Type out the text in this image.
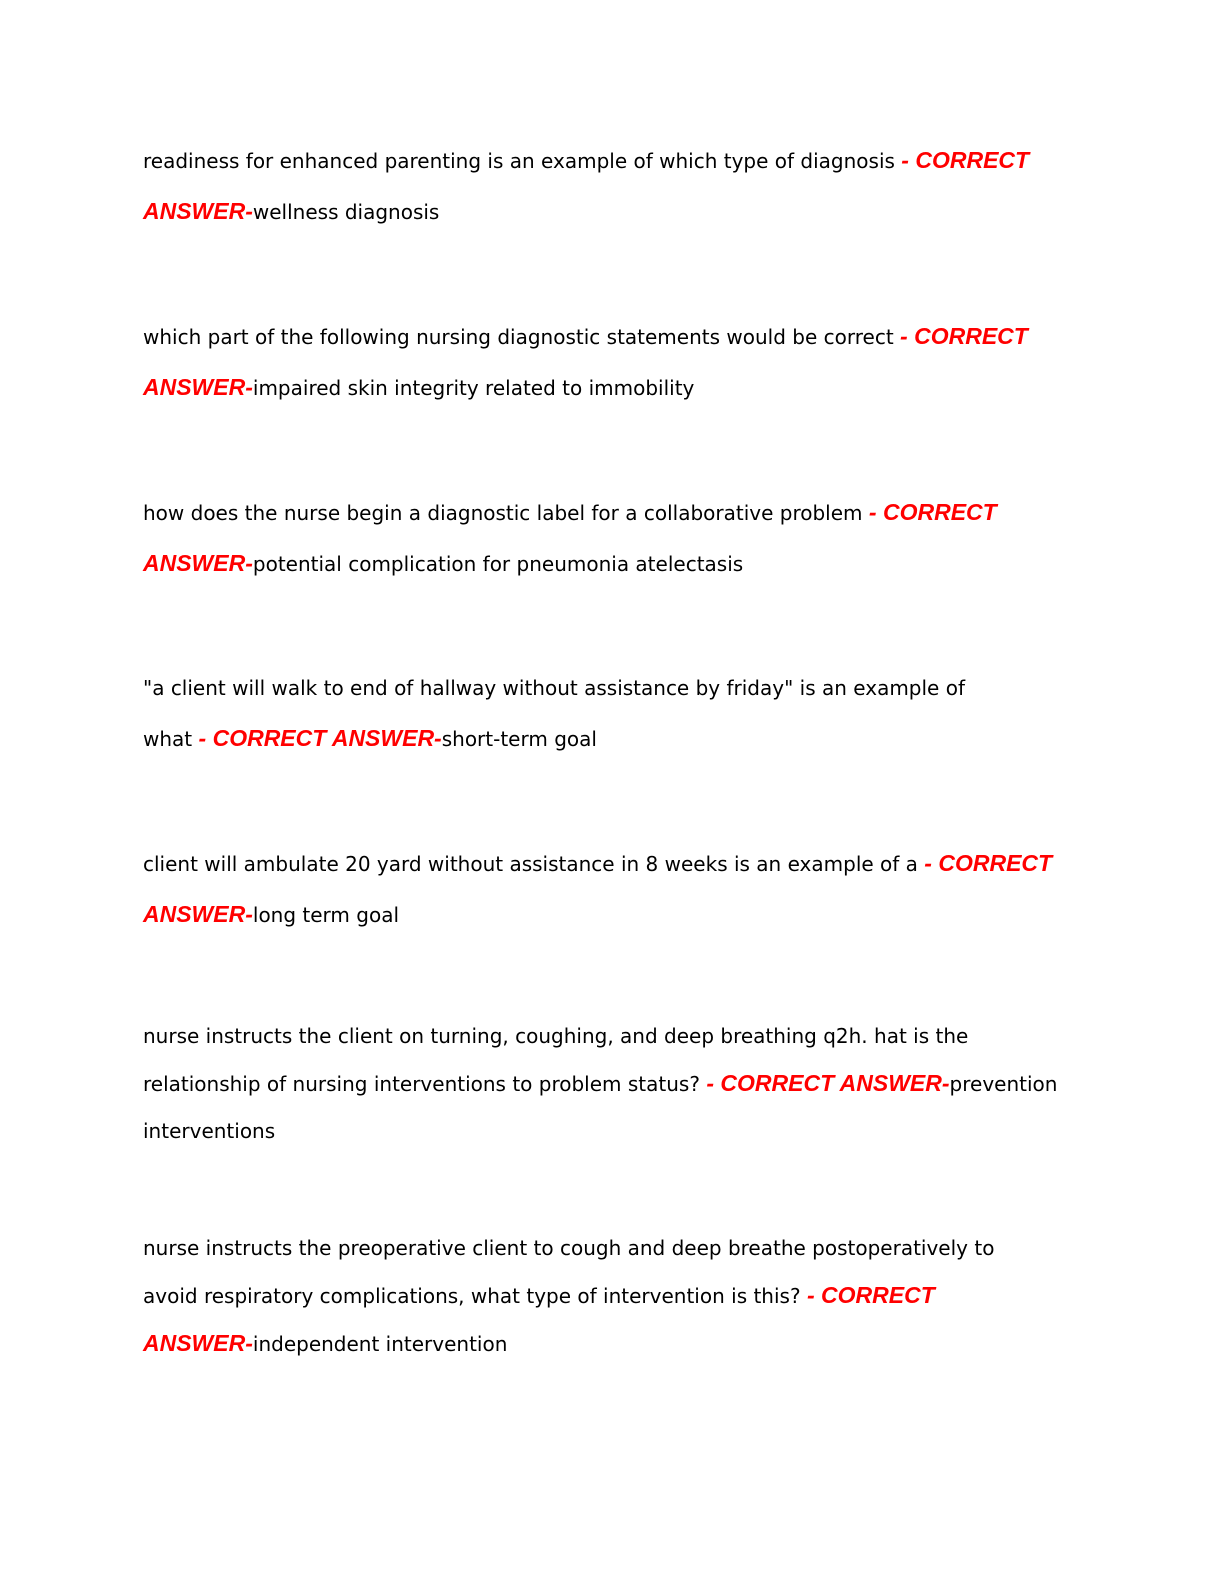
readiness for enhanced parenting is an example of which type of diagnosis - CORRECT ANSWER-wellness diagnosis

which part of the following nursing diagnostic statements would be correct - CORRECT ANSWER-impaired skin integrity related to immobility

how does the nurse begin a diagnostic label for a collaborative problem - CORRECT ANSWER-potential complication for pneumonia atelectasis

"a client will walk to end of hallway without assistance by friday" is an example of what - CORRECT ANSWER-short-term goal

client will ambulate 20 yard without assistance in 8 weeks is an example of a - CORRECT ANSWER-long term goal

nurse instructs the client on turning, coughing, and deep breathing q2h. hat is the relationship of nursing interventions to problem status? - CORRECT ANSWER-prevention interventions

nurse instructs the preoperative client to cough and deep breathe postoperatively to avoid respiratory complications, what type of intervention is this? - CORRECT ANSWER-independent intervention
